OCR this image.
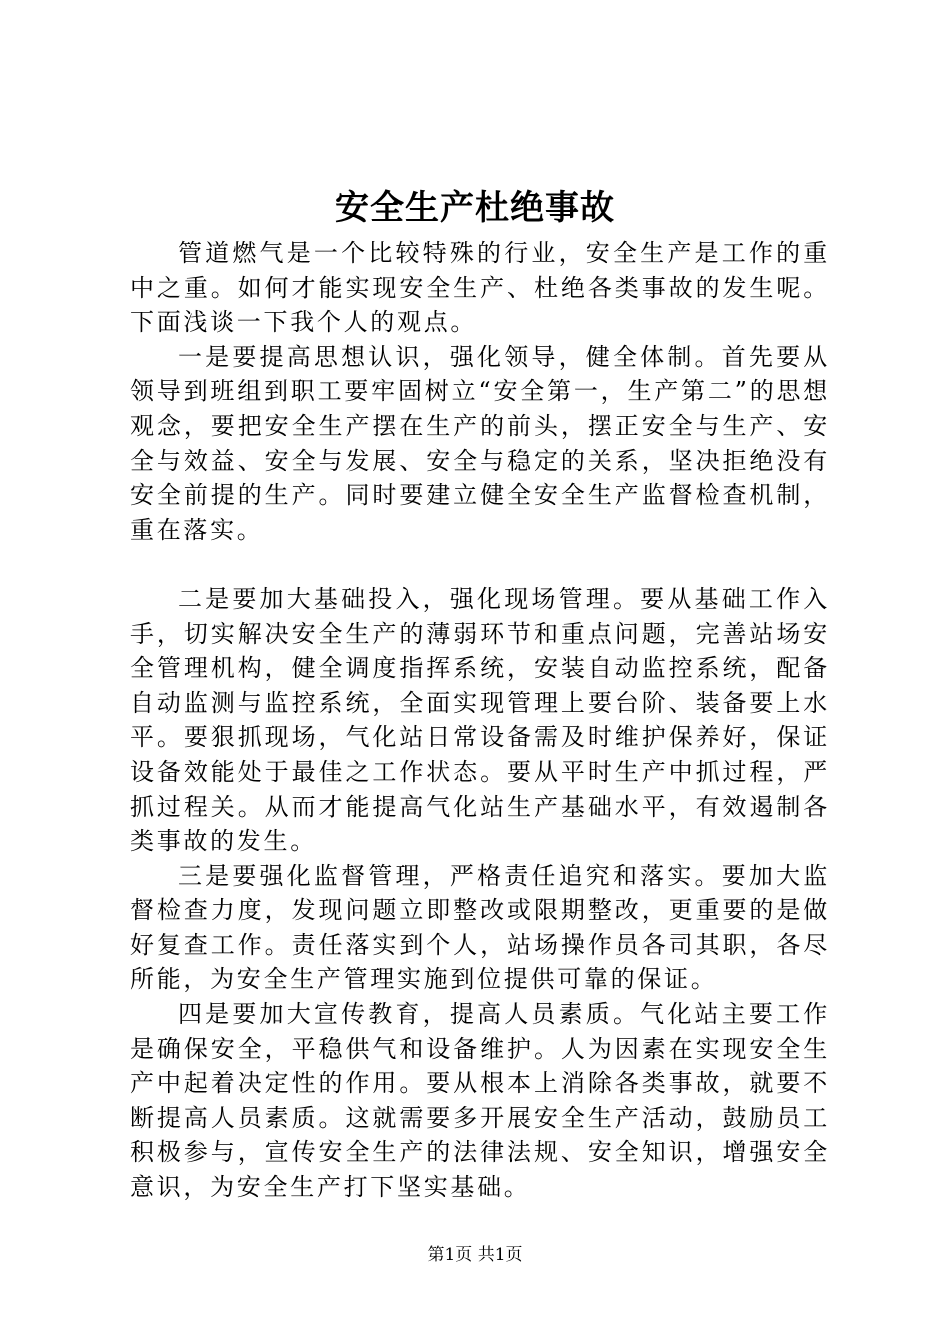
安全生产杜绝事故

管道燃气是一个比较特殊的行业，安全生产是工作的重中之重。如何才能实现安全生产、杜绝各类事故的发生呢。下面浅谈一下我个人的观点。

一是要提高思想认识，强化领导，健全体制。首先要从领导到班组到职工要牢固树立“安全第一，生产第二”的思想观念，要把安全生产摆在生产的前头，摆正安全与生产、安全与效益、安全与发展、安全与稳定的关系，坚决拒绝没有安全前提的生产。同时要建立健全安全生产监督检查机制，重在落实。

二是要加大基础投入，强化现场管理。要从基础工作入手，切实解决安全生产的薄弱环节和重点问题，完善站场安全管理机构，健全调度指挥系统，安装自动监控系统，配备自动监测与监控系统，全面实现管理上要台阶、装备要上水平。要狠抓现场，气化站日常设备需及时维护保养好，保证设备效能处于最佳之工作状态。要从平时生产中抓过程，严抓过程关。从而才能提高气化站生产基础水平，有效遏制各类事故的发生。

三是要强化监督管理，严格责任追究和落实。要加大监督检查力度，发现问题立即整改或限期整改，更重要的是做好复查工作。责任落实到个人，站场操作员各司其职，各尽所能，为安全生产管理实施到位提供可靠的保证。

四是要加大宣传教育，提高人员素质。气化站主要工作是确保安全，平稳供气和设备维护。人为因素在实现安全生产中起着决定性的作用。要从根本上消除各类事故，就要不断提高人员素质。这就需要多开展安全生产活动，鼓励员工积极参与，宣传安全生产的法律法规、安全知识，增强安全意识，为安全生产打下坚实基础。

第1页 共1页
